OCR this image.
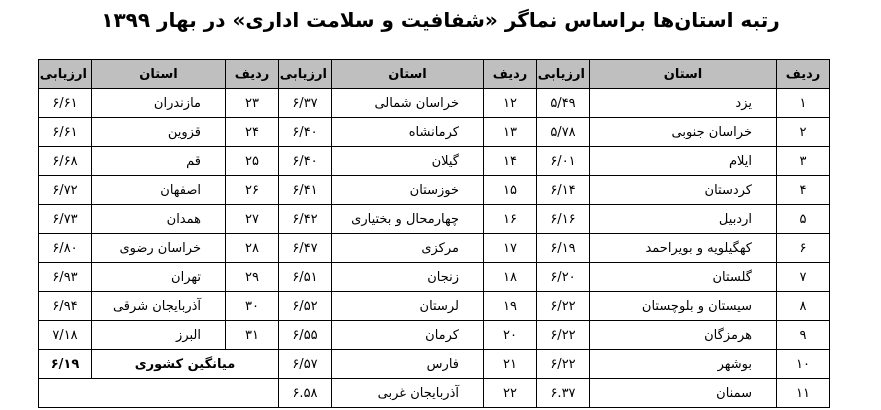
رتبه استان‌ها براساس نماگر «شفافیت و سلامت اداری» در بهار ۱۳۹۹
ردیف	استان	ارزیابی	ردیف	استان	ارزیابی	ردیف	استان	ارزیابی
۱	یزد	۵/۴۹	۱۲	خراسان شمالی	۶/۳۷	۲۳	مازندران	۶/۶۱
۲	خراسان جنوبی	۵/۷۸	۱۳	کرمانشاه	۶/۴۰	۲۴	قزوین	۶/۶۱
۳	ایلام	۶/۰۱	۱۴	گیلان	۶/۴۰	۲۵	قم	۶/۶۸
۴	کردستان	۶/۱۴	۱۵	خوزستان	۶/۴۱	۲۶	اصفهان	۶/۷۲
۵	اردبیل	۶/۱۶	۱۶	چهارمحال و بختیاری	۶/۴۲	۲۷	همدان	۶/۷۳
۶	کهگیلویه و بویراحمد	۶/۱۹	۱۷	مرکزی	۶/۴۷	۲۸	خراسان رضوی	۶/۸۰
۷	گلستان	۶/۲۰	۱۸	زنجان	۶/۵۱	۲۹	تهران	۶/۹۳
۸	سیستان و بلوچستان	۶/۲۲	۱۹	لرستان	۶/۵۲	۳۰	آذربایجان شرقی	۶/۹۴
۹	هرمزگان	۶/۲۲	۲۰	کرمان	۶/۵۵	۳۱	البرز	۷/۱۸
۱۰	بوشهر	۶/۲۲	۲۱	فارس	۶/۵۷	میانگین کشوری		۶/۱۹
۱۱	سمنان	۶.۳۷	۲۲	آذربایجان غربی	۶.۵۸			
